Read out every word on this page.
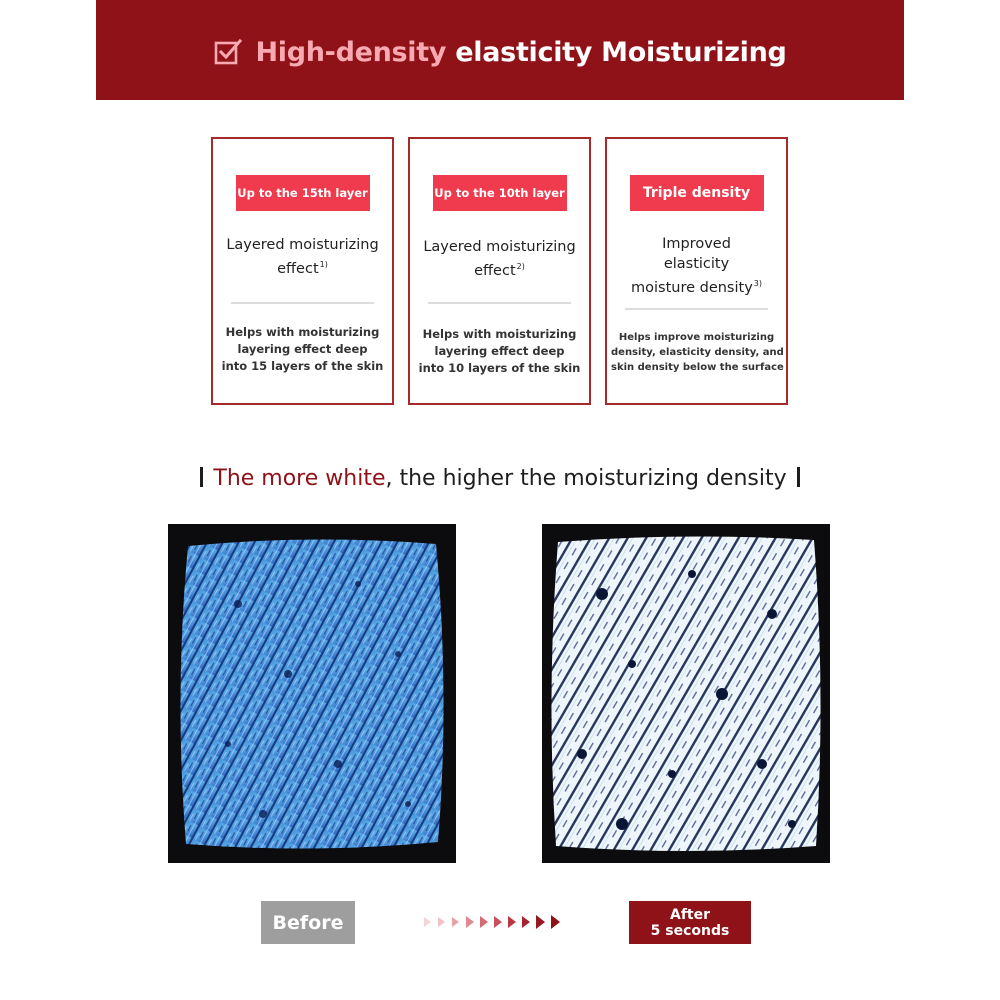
High-density elasticity Moisturizing
Up to the 15th layer
Layered moisturizing
effect$^{1)}$
Helps with moisturizing
layering effect deep
into 15 layers of the skin
Up to the 10th layer
Layered moisturizing
effect$^{2)}$
Helps with moisturizing
layering effect deep
into 10 layers of the skin
Triple density
Improved
elasticity
moisture density$^{3)}$
Helps improve moisturizing
density, elasticity density, and
skin density below the surface
The more white, the higher the moisturizing density
Before	After
5 seconds
